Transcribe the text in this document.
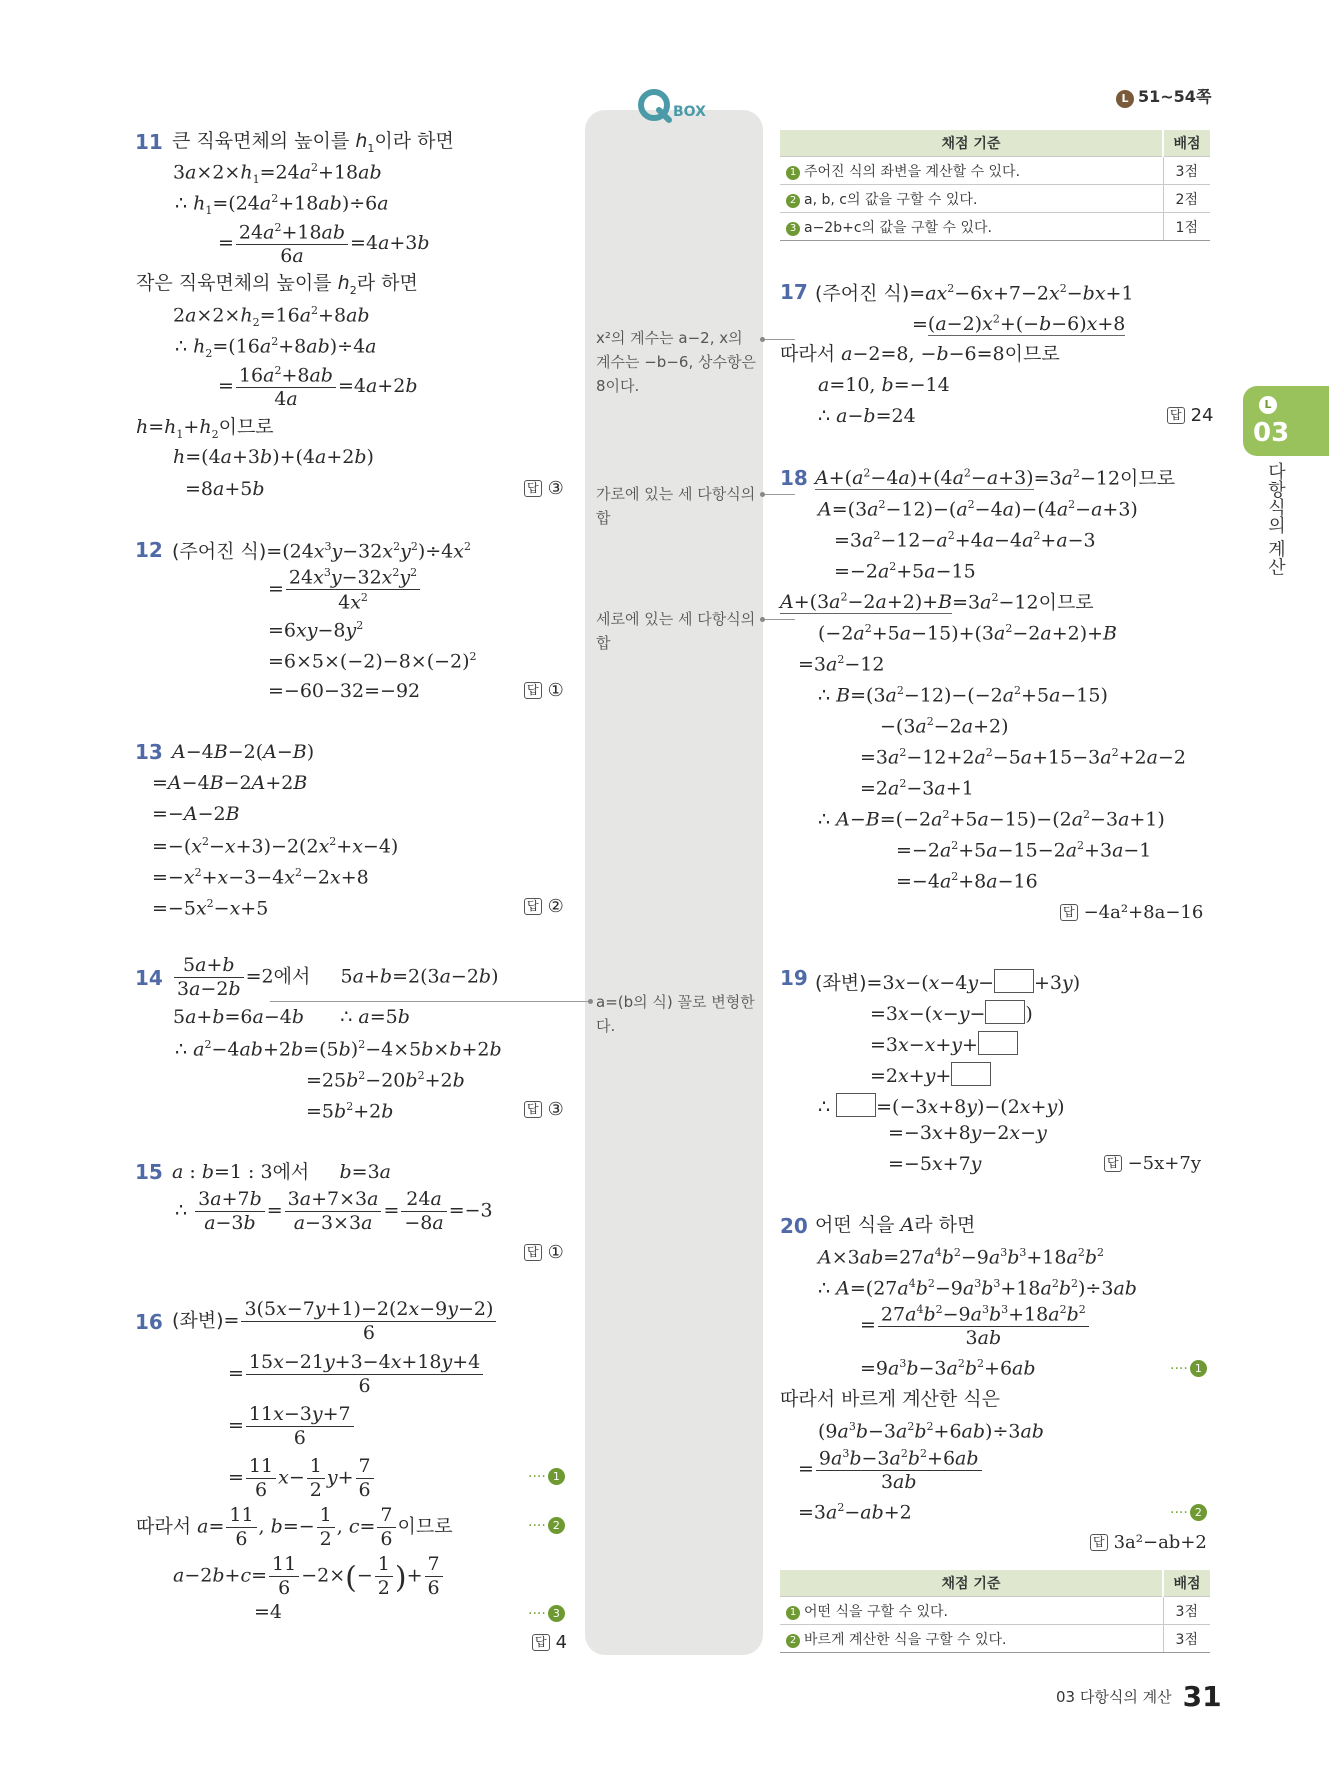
L 51~54쪽
BOX
L
03
다항식의 계산
11 큰 직육면체의 높이를 $h_1$이라 하면
$3a\times 2\times h_1=24a^2+18ab$
∴ $h_1=(24a^2+18ab)\div 6a$
= $\frac{24a^2+18ab}{6a} =4a+3b$
작은 직육면체의 높이를 $h_2$라 하면
$2a\times 2\times h_2=16a^2+8ab$
∴ $h_2=(16a^2+8ab)\div 4a$
= $\frac{16a^2+8ab}{4a} =4a+2b$
$h=h_1+h_2$이므로
h=(4a+3b)+(4a+2b)
=8a+5b	답 ③
12 (주어진 식)$=(24x^3y-32x^2y^2)\div 4x^2$
= $\frac{24x^3y-32x^2y^2}{4x^2}$
$=6xy-8y^2$
$=6\times 5\times(-2)-8\times(-2)^2$
=−60−32=−92	답 ①
13 A−4B−2(A−B)
=A−4B−2A+2B
=−A−2B
$=-(x^2-x+3)-2(2x^2+x-4)$
$=-x^2+x-3-4x^2-2x+8$
$=-5x^2-x+5$	답 ②
$14 \frac{5a+b}{3a-2b} =2$에서     5a+b=2(3a−2b)
5a+b=6a−4b      ∴ a=5b
∴ $a^2-4ab+2b=(5b)^2-4\times 5b\times b+2b$
$=25b^2-20b^2+2b$
$=5b^2+2b$	답 ③
15 a : b=1 : 3에서 b=3a
∴ $\frac{3a+7b}{a-3b} = \frac{3a+7\times 3a}{a-3\times 3a} = \frac{24a}{-8a} =-3$
답 ①
16 (좌변)= $\frac{3(5x-7y+1)-2(2x-9y-2)}{6}$
= $\frac{15x-21y+3-4x+18y+4}{6}$
= $\frac{11x-3y+7}{6}$
= $\frac{11}{6} x- \frac{1}{2} y+ \frac{7}{6}$	···· 1
따라서 $a= \frac{11}{6}$ , $b=- \frac{1}{2}$ , $c= \frac{7}{6}$ 이므로	···· 2
$a-2b+c= \frac{11}{6} -2\times(- \frac{1}{2}$ )+ $\frac{7}{6}$
=4	···· 3
답 4
x²의 계수는 a−2, x의 계수는 −b−6, 상수항은 8이다.
가로에 있는 세 다항식의 합
세로에 있는 세 다항식의 합
a=(b의 식) 꼴로 변형한다.
채점 기준	배점
1 주어진 식의 좌변을 계산할 수 있다.	3점
2 a, b, c의 값을 구할 수 있다.	2점
3 a−2b+c의 값을 구할 수 있다.	1점
17 (주어진 식)$=ax^2-6x+7-2x^2-bx+1$
$=(a-2)x^2+(-b-6)x+8$
따라서 a−2=8, −b−6=8이므로
a=10, b=−14
∴ a−b=24	답 24
18 $A+(a^2-4a)+(4a^2-a+3)=3a^2-12$이므로
$A=(3a^2-12)-(a^2-4a)-(4a^2-a+3)$
$=3a^2-12-a^2+4a-4a^2+a-3$
$=-2a^2+5a-15$
$A+(3a^2-2a+2)+B=3a^2-12$이므로
$(-2a^2+5a-15)+(3a^2-2a+2)+B$
$=3a^2-12$
∴ $B=(3a^2-12)-(-2a^2+5a-15)$
$-(3a^2-2a+2)$
$=3a^2-12+2a^2-5a+15-3a^2+2a-2$
$=2a^2-3a+1$
∴ $A-B=(-2a^2+5a-15)-(2a^2-3a+1)$
$=-2a^2+5a-15-2a^2+3a-1$
$=-4a^2+8a-16$
답 −4a²+8a−16
19 (좌변)=3x−(x−4y− +3y)
=3x−(x−y− )
=3x−x+y+
=2x+y+
∴ =(−3x+8y)−(2x+y)
=−3x+8y−2x−y
=−5x+7y	답 −5x+7y
20 어떤 식을 A라 하면
$A\times 3ab=27a^4b^2-9a^3b^3+18a^2b^2$
∴ $A=(27a^4b^2-9a^3b^3+18a^2b^2)\div 3ab$
= $\frac{27a^4b^2-9a^3b^3+18a^2b^2}{3ab}$
$=9a^3b-3a^2b^2+6ab$	···· 1
따라서 바르게 계산한 식은
$(9a^3b-3a^2b^2+6ab)\div 3ab$
= $\frac{9a^3b-3a^2b^2+6ab}{3ab}$
$=3a^2-ab+2$	···· 2
답 3a²−ab+2
채점 기준	배점
1 어떤 식을 구할 수 있다.	3점
2 바르게 계산한 식을 구할 수 있다.	3점
03 다항식의 계산 31
